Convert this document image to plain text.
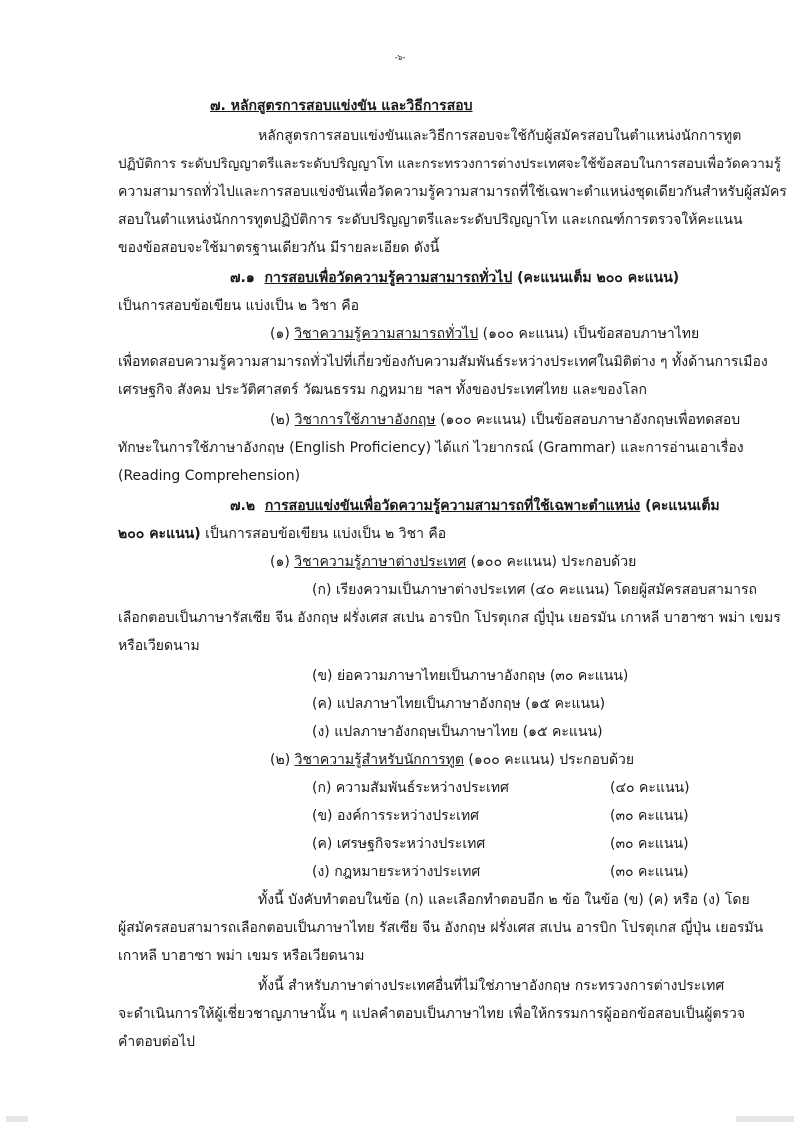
-๖-
๗. หลักสูตรการสอบแข่งขัน และวิธีการสอบ
หลักสูตรการสอบแข่งขันและวิธีการสอบจะใช้กับผู้สมัครสอบในตำแหน่งนักการทูต
ปฏิบัติการ ระดับปริญญาตรีและระดับปริญญาโท และกระทรวงการต่างประเทศจะใช้ข้อสอบในการสอบเพื่อวัดความรู้
ความสามารถทั่วไปและการสอบแข่งขันเพื่อวัดความรู้ความสามารถที่ใช้เฉพาะตำแหน่งชุดเดียวกันสำหรับผู้สมัคร
สอบในตำแหน่งนักการทูตปฏิบัติการ ระดับปริญญาตรีและระดับปริญญาโท และเกณฑ์การตรวจให้คะแนน
ของข้อสอบจะใช้มาตรฐานเดียวกัน มีรายละเอียด ดังนี้
๗.๑ การสอบเพื่อวัดความรู้ความสามารถทั่วไป (คะแนนเต็ม ๒๐๐ คะแนน)
เป็นการสอบข้อเขียน แบ่งเป็น ๒ วิชา คือ
(๑) วิชาความรู้ความสามารถทั่วไป (๑๐๐ คะแนน) เป็นข้อสอบภาษาไทย
เพื่อทดสอบความรู้ความสามารถทั่วไปที่เกี่ยวข้องกับความสัมพันธ์ระหว่างประเทศในมิติต่าง ๆ ทั้งด้านการเมือง
เศรษฐกิจ สังคม ประวัติศาสตร์ วัฒนธรรม กฎหมาย ฯลฯ ทั้งของประเทศไทย และของโลก
(๒) วิชาการใช้ภาษาอังกฤษ (๑๐๐ คะแนน) เป็นข้อสอบภาษาอังกฤษเพื่อทดสอบ
ทักษะในการใช้ภาษาอังกฤษ (English Proficiency) ได้แก่ ไวยากรณ์ (Grammar) และการอ่านเอาเรื่อง
(Reading Comprehension)
๗.๒ การสอบแข่งขันเพื่อวัดความรู้ความสามารถที่ใช้เฉพาะตำแหน่ง (คะแนนเต็ม
๒๐๐ คะแนน) เป็นการสอบข้อเขียน แบ่งเป็น ๒ วิชา คือ
(๑) วิชาความรู้ภาษาต่างประเทศ (๑๐๐ คะแนน) ประกอบด้วย
(ก) เรียงความเป็นภาษาต่างประเทศ (๔๐ คะแนน) โดยผู้สมัครสอบสามารถ
เลือกตอบเป็นภาษารัสเซีย จีน อังกฤษ ฝรั่งเศส สเปน อารบิก โปรตุเกส ญี่ปุ่น เยอรมัน เกาหลี บาฮาซา พม่า เขมร
หรือเวียดนาม
(ข) ย่อความภาษาไทยเป็นภาษาอังกฤษ (๓๐ คะแนน)
(ค) แปลภาษาไทยเป็นภาษาอังกฤษ (๑๕ คะแนน)
(ง) แปลภาษาอังกฤษเป็นภาษาไทย (๑๕ คะแนน)
(๒) วิชาความรู้สำหรับนักการทูต (๑๐๐ คะแนน) ประกอบด้วย
(ก) ความสัมพันธ์ระหว่างประเทศ	(๔๐ คะแนน)
(ข) องค์การระหว่างประเทศ	(๓๐ คะแนน)
(ค) เศรษฐกิจระหว่างประเทศ	(๓๐ คะแนน)
(ง) กฎหมายระหว่างประเทศ	(๓๐ คะแนน)
ทั้งนี้ บังคับทำตอบในข้อ (ก) และเลือกทำตอบอีก ๒ ข้อ ในข้อ (ข) (ค) หรือ (ง) โดย
ผู้สมัครสอบสามารถเลือกตอบเป็นภาษาไทย รัสเซีย จีน อังกฤษ ฝรั่งเศส สเปน อารบิก โปรตุเกส ญี่ปุ่น เยอรมัน
เกาหลี บาฮาซา พม่า เขมร หรือเวียดนาม
ทั้งนี้ สำหรับภาษาต่างประเทศอื่นที่ไม่ใช่ภาษาอังกฤษ กระทรวงการต่างประเทศ
จะดำเนินการให้ผู้เชี่ยวชาญภาษานั้น ๆ แปลคำตอบเป็นภาษาไทย เพื่อให้กรรมการผู้ออกข้อสอบเป็นผู้ตรวจ
คำตอบต่อไป
